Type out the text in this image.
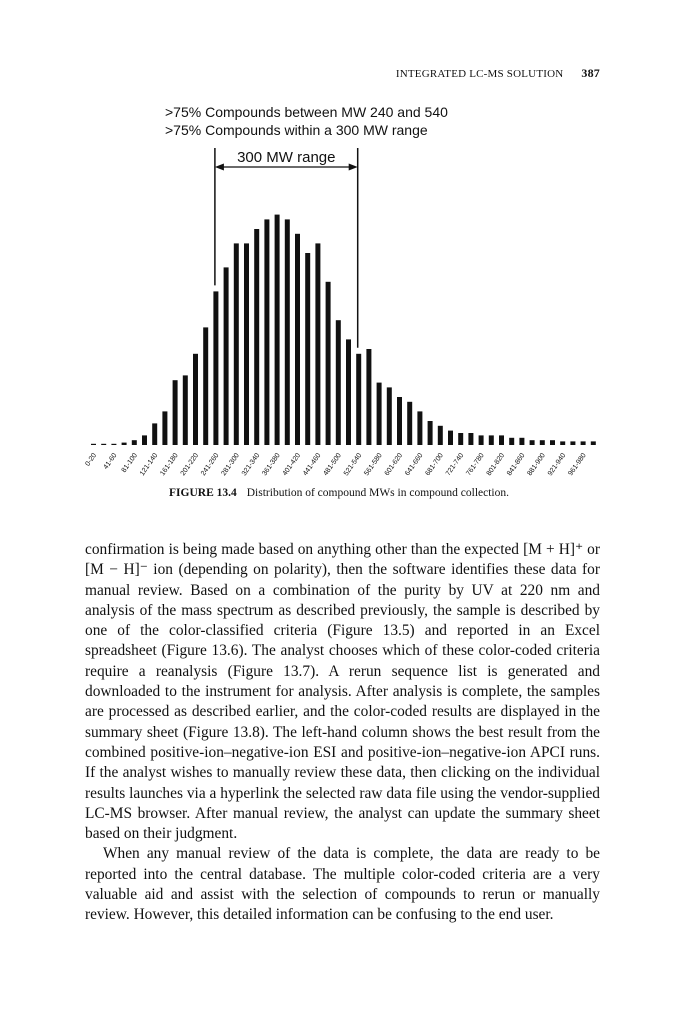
INTEGRATED LC-MS SOLUTION 387
>75% Compounds between MW 240 and 540
>75% Compounds within a 300 MW range
300 MW range
0-20 41-60 81-100 121-140 161-180 201-220 241-260 281-300 321-340 361-380 401-420 441-460 481-500 521-540 561-580 601-620 641-660 681-700 721-740 761-780 801-820 841-860 881-900 921-940 961-980
FIGURE 13.4 Distribution of compound MWs in compound collection.

confirmation is being made based on anything other than the expected [M + H]⁺ or [M − H]⁻ ion (depending on polarity), then the software identifies these data for manual review. Based on a combination of the purity by UV at 220 nm and analysis of the mass spectrum as described previously, the sample is described by one of the color-classified criteria (Figure 13.5) and reported in an Excel spreadsheet (Figure 13.6). The analyst chooses which of these color-coded criteria require a reanalysis (Figure 13.7). A rerun sequence list is generated and downloaded to the instrument for analysis. After analysis is complete, the samples are processed as described earlier, and the color-coded results are displayed in the summary sheet (Figure 13.8). The left-hand column shows the best result from the combined positive-ion–negative-ion ESI and positive-ion–negative-ion APCI runs. If the analyst wishes to manually review these data, then clicking on the individual results launches via a hyperlink the selected raw data file using the vendor-supplied LC-MS browser. After manual review, the analyst can update the summary sheet based on their judgment.

When any manual review of the data is complete, the data are ready to be reported into the central database. The multiple color-coded criteria are a very valuable aid and assist with the selection of compounds to rerun or manually review. However, this detailed information can be confusing to the end user.
